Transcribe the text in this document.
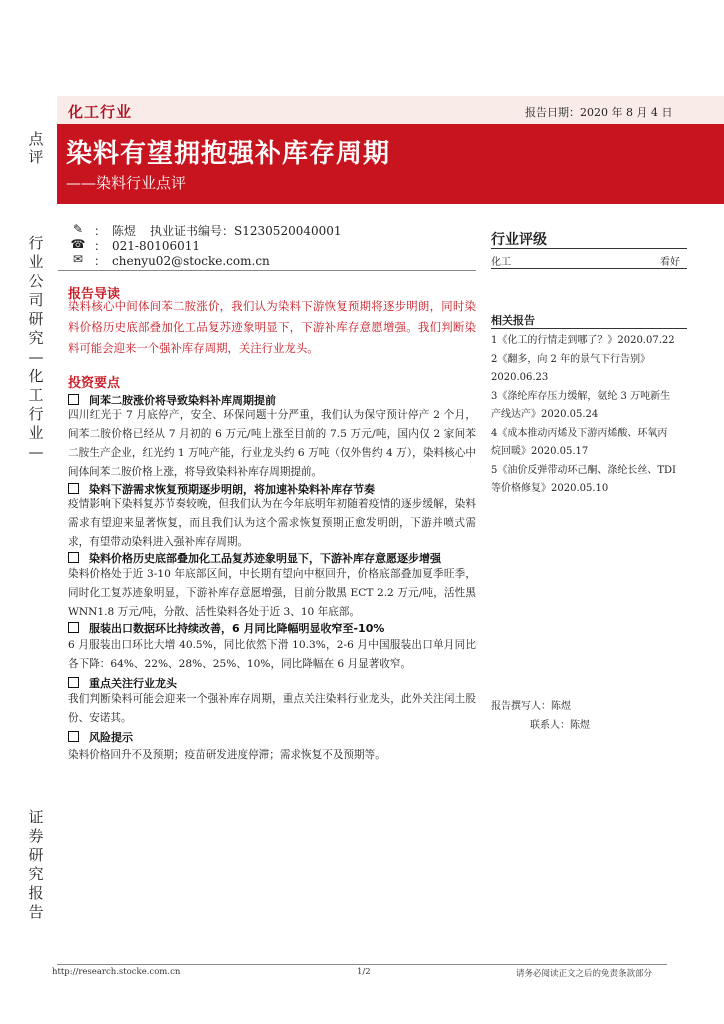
化工行业	报告日期：2020 年 8 月 4 日
染料有望拥抱强补库存周期
——染料行业点评
点
评
行
业
公
司
研
究
—
化
工
行
业
—
证
券
研
究
报
告
✎ ： 陈煜 执业证书编号：S1230520040001
☎ ： 021-80106011
✉ ： chenyu02@stocke.com.cn
报告导读
染料核心中间体间苯二胺涨价，我们认为染料下游恢复预期将逐步明朗，同时染料价格历史底部叠加化工品复苏迹象明显下，下游补库存意愿增强。我们判断染料可能会迎来一个强补库存周期，关注行业龙头。
投资要点
间苯二胺涨价将导致染料补库周期提前
四川红光于 7 月底停产，安全、环保问题十分严重，我们认为保守预计停产 2 个月，间苯二胺价格已经从 7 月初的 6 万元/吨上涨至目前的 7.5 万元/吨，国内仅 2 家间苯二胺生产企业，红光约 1 万吨产能，行业龙头约 6 万吨（仅外售约 4 万），染料核心中间体间苯二胺价格上涨，将导致染料补库存周期提前。
染料下游需求恢复预期逐步明朗，将加速补染料补库存节奏
疫情影响下染料复苏节奏较晚，但我们认为在今年底明年初随着疫情的逐步缓解，染料需求有望迎来显著恢复，而且我们认为这个需求恢复预期正愈发明朗，下游并喷式需求，有望带动染料进入强补库存周期。
染料价格历史底部叠加化工品复苏迹象明显下，下游补库存意愿逐步增强
染料价格处于近 3-10 年底部区间，中长期有望向中枢回升，价格底部叠加夏季旺季，同时化工复苏迹象明显，下游补库存意愿增强，目前分散黑 ECT 2.2 万元/吨，活性黑 WNN1.8 万元/吨，分散、活性染料各处于近 3、10 年底部。
服装出口数据环比持续改善，6 月同比降幅明显收窄至-10%
6 月服装出口环比大增 40.5%，同比依然下滑 10.3%，2-6 月中国服装出口单月同比各下降：64%、22%、28%、25%、10%，同比降幅在 6 月显著收窄。
重点关注行业龙头
我们判断染料可能会迎来一个强补库存周期，重点关注染料行业龙头，此外关注闰土股份、安诺其。
风险提示
染料价格回升不及预期；疫苗研发进度停滞；需求恢复不及预期等。
行业评级
化工	看好
相关报告
1《化工的行情走到哪了？》2020.07.22
2《翻多，向 2 年的景气下行告别》
2020.06.23
3《涤纶库存压力缓解，氨纶 3 万吨新生
产线达产》2020.05.24
4《成本推动丙烯及下游丙烯酸、环氧丙
烷回暖》2020.05.17
5《油价反弹带动环己酮、涤纶长丝、TDI
等价格修复》2020.05.10
报告撰写人：陈煜
联系人：陈煜
http://research.stocke.com.cn	1/2	请务必阅读正文之后的免责条款部分
